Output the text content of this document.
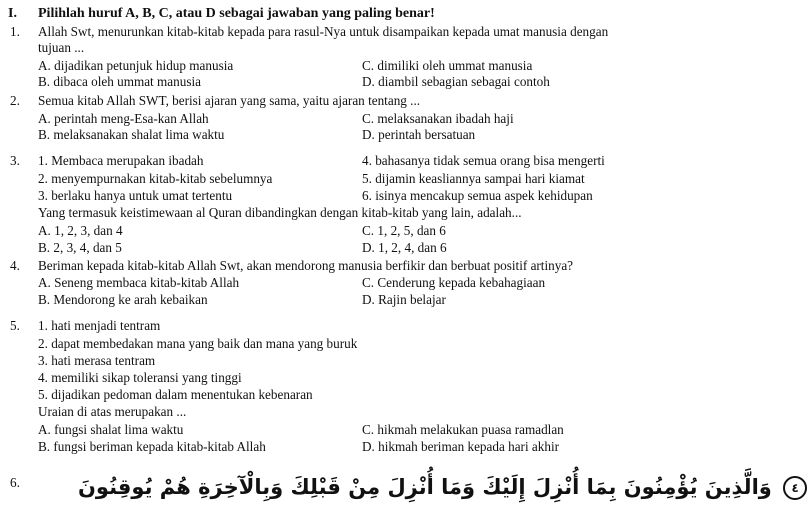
I. Pilihlah huruf A, B, C, atau D sebagai jawaban yang paling benar!
1. Allah Swt, menurunkan kitab-kitab kepada para rasul-Nya untuk disampaikan kepada umat manusia dengan
tujuan ...
A. dijadikan petunjuk hidup manusia	C. dimiliki oleh ummat manusia
B. dibaca oleh ummat manusia	D. diambil sebagian sebagai contoh
2. Semua kitab Allah SWT, berisi ajaran yang sama, yaitu ajaran tentang ...
A. perintah meng-Esa-kan Allah	C. melaksanakan ibadah haji
B. melaksanakan shalat lima waktu	D. perintah bersatuan
3. 1. Membaca merupakan ibadah	4. bahasanya tidak semua orang bisa mengerti
2. menyempurnakan kitab-kitab sebelumnya	5. dijamin keasliannya sampai hari kiamat
3. berlaku hanya untuk umat tertentu	6. isinya mencakup semua aspek kehidupan
Yang termasuk keistimewaan al Quran dibandingkan dengan kitab-kitab yang lain, adalah...
A. 1, 2, 3, dan 4	C. 1, 2, 5, dan 6
B. 2, 3, 4, dan 5	D. 1, 2, 4, dan 6
4. Beriman kepada kitab-kitab Allah Swt, akan mendorong manusia berfikir dan berbuat positif artinya?
A. Seneng membaca kitab-kitab Allah	C. Cenderung kepada kebahagiaan
B. Mendorong ke arah kebaikan	D. Rajin belajar
5. 1. hati menjadi tentram
2. dapat membedakan mana yang baik dan mana yang buruk
3. hati merasa tentram
4. memiliki sikap toleransi yang tinggi
5. dijadikan pedoman dalam menentukan kebenaran
Uraian di atas merupakan ...
A. fungsi shalat lima waktu	C. hikmah melakukan puasa ramadlan
B. fungsi beriman kepada kitab-kitab Allah	D. hikmah beriman kepada hari akhir
6.	٤ وَالَّذِينَ يُؤْمِنُونَ بِمَا أُنْزِلَ إِلَيْكَ وَمَا أُنْزِلَ مِنْ قَبْلِكَ وَبِالْآخِرَةِ هُمْ يُوقِنُونَ
